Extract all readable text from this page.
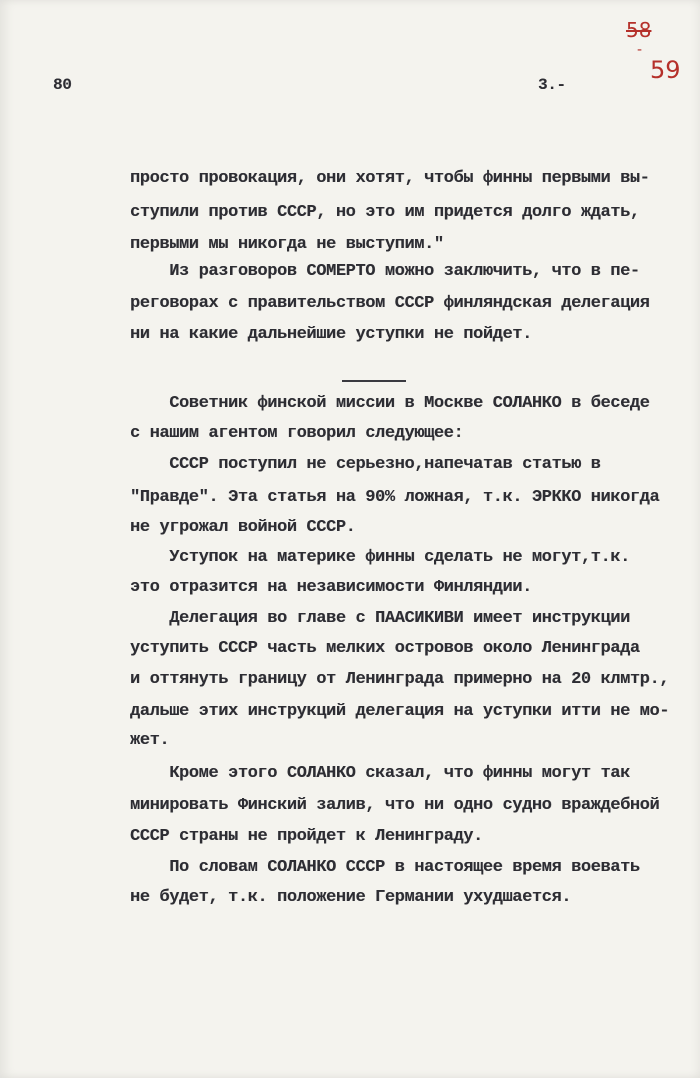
80	3.-
58
-
59
просто провокация, они хотят, чтобы финны первыми вы-
ступили против СССР, но это им придется долго ждать,
первыми мы никогда не выступим."
Из разговоров СОМЕРТО можно заключить, что в пе-
реговорах с правительством СССР финляндская делегация
ни на какие дальнейшие уступки не пойдет.
Советник финской миссии в Москве СОЛАНКО в беседе
с нашим агентом говорил следующее:
СССР поступил не серьезно,напечатав статью в
"Правде". Эта статья на 90% ложная, т.к. ЭРККО никогда
не угрожал войной СССР.
Уступок на материке финны сделать не могут,т.к.
это отразится на независимости Финляндии.
Делегация во главе с ПААСИКИВИ имеет инструкции
уступить СССР часть мелких островов около Ленинграда
и оттянуть границу от Ленинграда примерно на 20 клмтр.,
дальше этих инструкций делегация на уступки итти не мо-
жет.
Кроме этого СОЛАНКО сказал, что финны могут так
минировать Финский залив, что ни одно судно враждебной
СССР страны не пройдет к Ленинграду.
По словам СОЛАНКО СССР в настоящее время воевать
не будет, т.к. положение Германии ухудшается.
